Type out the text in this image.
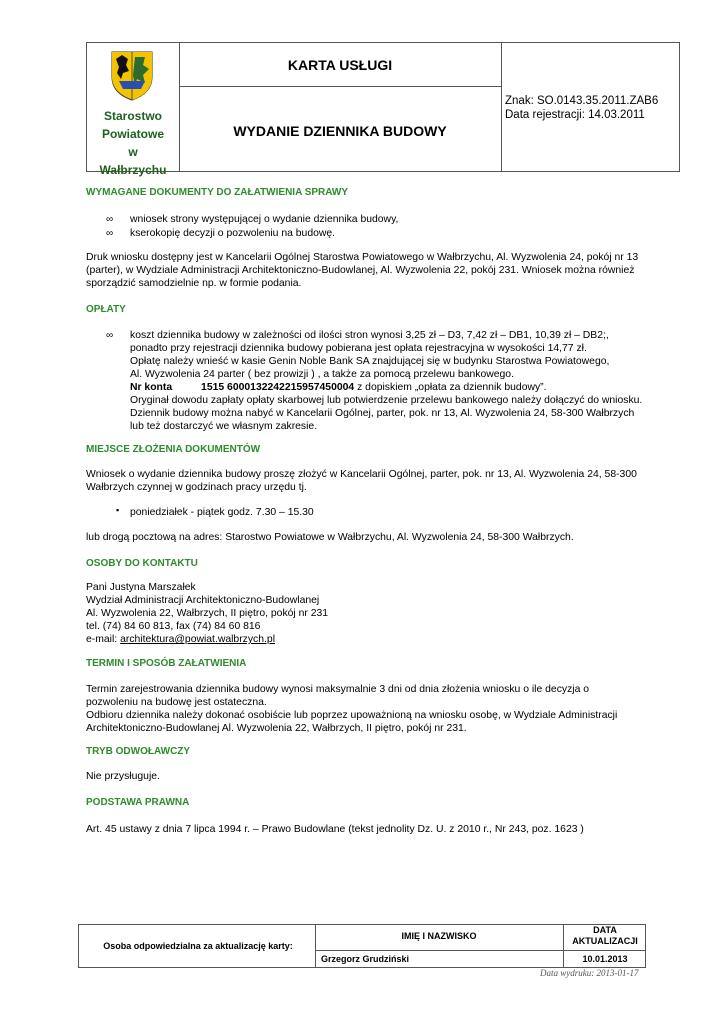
Starostwo
Powiatowe
w
Wałbrzychu
KARTA USŁUGI
WYDANIE DZIENNIKA BUDOWY
Znak: SO.0143.35.2011.ZAB6
Data rejestracji: 14.03.2011
WYMAGANE DOKUMENTY DO ZAŁATWIENIA SPRAWY
∞ wniosek strony występującej o wydanie dziennika budowy,
∞ kserokopię decyzji o pozwoleniu na budowę.
Druk wniosku dostępny jest w Kancelarii Ogólnej Starostwa Powiatowego w Wałbrzychu, Al. Wyzwolenia 24, pokój nr 13
(parter), w Wydziale Administracji Architektoniczno-Budowlanej, Al. Wyzwolenia 22, pokój 231. Wniosek można również
sporządzić samodzielnie np. w formie podania.
OPŁATY
∞ koszt dziennika budowy w zależności od ilości stron wynosi 3,25 zł – D3, 7,42 zł – DB1, 10,39 zł – DB2;,
ponadto przy rejestracji dziennika budowy pobierana jest opłata rejestracyjna w wysokości 14,77 zł.
Opłatę należy wnieść w kasie Genin Noble Bank SA znajdującej się w budynku Starostwa Powiatowego,
Al. Wyzwolenia 24 parter ( bez prowizji ) , a także za pomocą przelewu bankowego.
Nr konta	1515 6000132242215957450004 z dopiskiem „opłata za dziennik budowy”.
Oryginał dowodu zapłaty opłaty skarbowej lub potwierdzenie przelewu bankowego należy dołączyć do wniosku.
Dziennik budowy można nabyć w Kancelarii Ogólnej, parter, pok. nr 13, Al. Wyzwolenia 24, 58-300 Wałbrzych
lub też dostarczyć we własnym zakresie.
MIEJSCE ZŁOŻENIA DOKUMENTÓW
Wniosek o wydanie dziennika budowy proszę złożyć w Kancelarii Ogólnej, parter, pok. nr 13, Al. Wyzwolenia 24, 58-300
Wałbrzych czynnej w godzinach pracy urzędu tj.
▪ poniedziałek - piątek godz. 7.30 – 15.30
lub drogą pocztową na adres: Starostwo Powiatowe w Wałbrzychu, Al. Wyzwolenia 24, 58-300 Wałbrzych.
OSOBY DO KONTAKTU
Pani Justyna Marszałek
Wydział Administracji Architektoniczno-Budowlanej
Al. Wyzwolenia 22, Wałbrzych, II piętro, pokój nr 231
tel. (74) 84 60 813, fax (74) 84 60 816
e-mail: architektura@powiat.walbrzych.pl
TERMIN I SPOSÓB ZAŁATWIENIA
Termin zarejestrowania dziennika budowy wynosi maksymalnie 3 dni od dnia złożenia wniosku o ile decyzja o
pozwoleniu na budowę jest ostateczna.
Odbioru dziennika należy dokonać osobiście lub poprzez upoważnioną na wniosku osobę, w Wydziale Administracji
Architektoniczno-Budowlanej Al. Wyzwolenia 22, Wałbrzych, II piętro, pokój nr 231.
TRYB ODWOŁAWCZY
Nie przysługuje.
PODSTAWA PRAWNA
Art. 45 ustawy z dnia 7 lipca 1994 r. – Prawo Budowlane (tekst jednolity Dz. U. z 2010 r., Nr 243, poz. 1623 )
Osoba odpowiedzialna za aktualizację karty:
IMIĘ I NAZWISKO
DATA
AKTUALIZACJI
Grzegorz Grudziński	10.01.2013
Data wydruku: 2013-01-17
